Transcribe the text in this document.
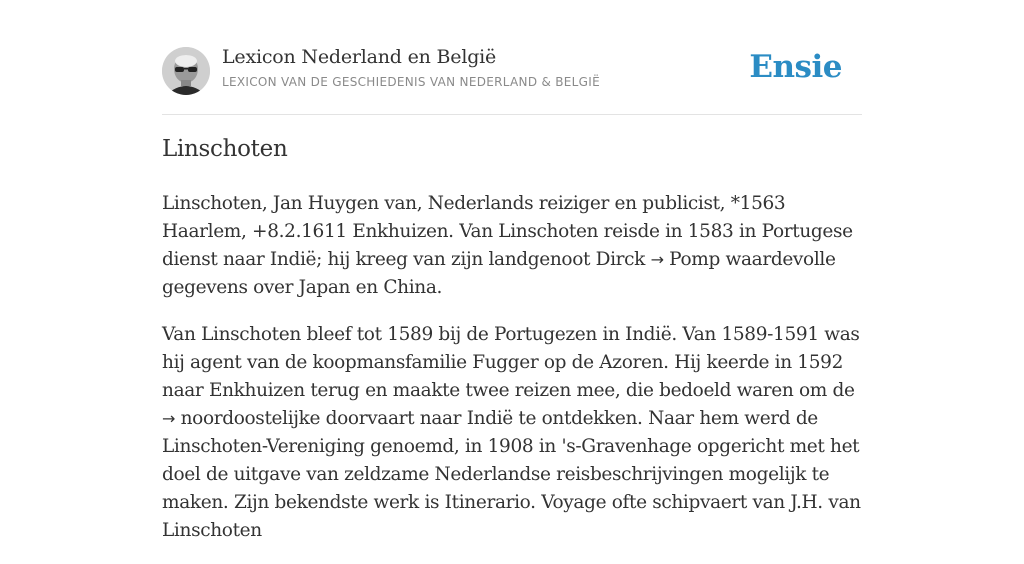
Lexicon Nederland en België
LEXICON VAN DE GESCHIEDENIS VAN NEDERLAND & BELGIË	Ensie
Linschoten

Linschoten, Jan Huygen van, Nederlands reiziger en publicist, *1563 Haarlem, +8.2.1611 Enkhuizen. Van Linschoten reisde in 1583 in Portugese dienst naar Indië; hij kreeg van zijn landgenoot Dirck → Pomp waardevolle gegevens over Japan en China.

Van Linschoten bleef tot 1589 bij de Portugezen in Indië. Van 1589-1591 was hij agent van de koopmansfamilie Fugger op de Azoren. Hij keerde in 1592 naar Enkhuizen terug en maakte twee reizen mee, die bedoeld waren om de → noordoostelijke doorvaart naar Indië te ontdekken. Naar hem werd de Linschoten-Vereniging genoemd, in 1908 in 's-Gravenhage opgericht met het doel de uitgave van zeldzame Nederlandse reisbeschrijvingen mogelijk te maken. Zijn bekendste werk is Itinerario. Voyage ofte schipvaert van J.H. van Linschoten
